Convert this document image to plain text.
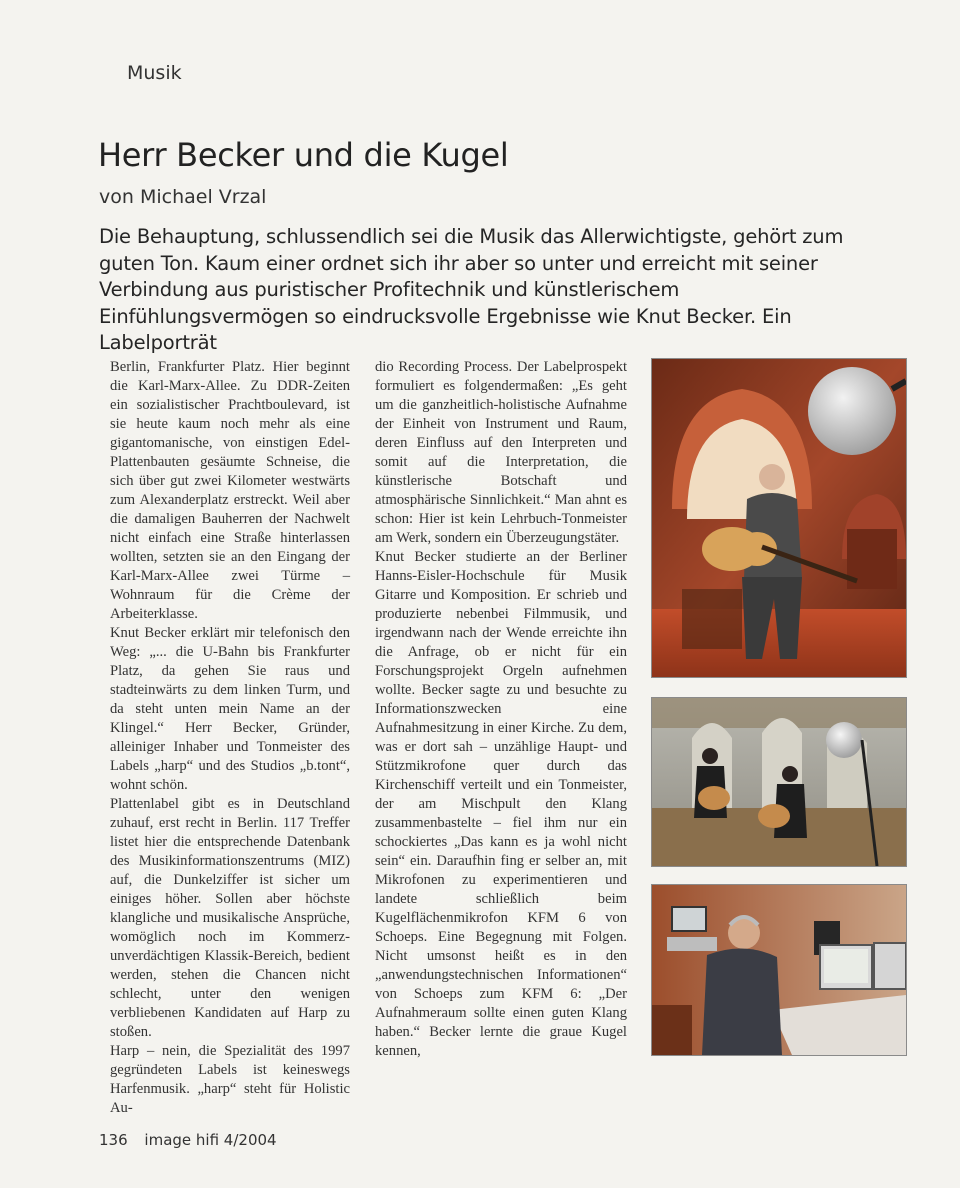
Musik
Herr Becker und die Kugel
von Michael Vrzal

Die Behauptung, schlussendlich sei die Musik das Allerwichtigste, gehört zum guten Ton. Kaum einer ordnet sich ihr aber so unter und erreicht mit seiner Verbindung aus puristischer Profitechnik und künstlerischem Einfühlungsvermögen so eindrucksvolle Ergebnisse wie Knut Becker. Ein Labelporträt

Berlin, Frankfurter Platz. Hier beginnt die Karl-Marx-Allee. Zu DDR-Zeiten ein sozialistischer Prachtboulevard, ist sie heute kaum noch mehr als eine gigantomanische, von einstigen Edel-Plattenbauten gesäumte Schneise, die sich über gut zwei Kilometer westwärts zum Alexanderplatz erstreckt. Weil aber die damaligen Bauherren der Nachwelt nicht einfach eine Straße hinterlassen wollten, setzten sie an den Eingang der Karl-Marx-Allee zwei Türme – Wohnraum für die Crème der Arbeiterklasse.

Knut Becker erklärt mir telefonisch den Weg: „... die U-Bahn bis Frankfurter Platz, da gehen Sie raus und stadteinwärts zu dem linken Turm, und da steht unten mein Name an der Klingel.“ Herr Becker, Gründer, alleiniger Inhaber und Tonmeister des Labels „harp“ und des Studios „b.tont“, wohnt schön.

Plattenlabel gibt es in Deutschland zuhauf, erst recht in Berlin. 117 Treffer listet hier die entsprechende Datenbank des Musikinformationszentrums (MIZ) auf, die Dunkelziffer ist sicher um einiges höher. Sollen aber höchste klangliche und musikalische Ansprüche, womöglich noch im Kommerz-unverdächtigen Klassik-Bereich, bedient werden, stehen die Chancen nicht schlecht, unter den wenigen verbliebenen Kandidaten auf Harp zu stoßen.

Harp – nein, die Spezialität des 1997 gegründeten Labels ist keineswegs Harfenmusik. „harp“ steht für Holistic Au-

dio Recording Process. Der Labelprospekt formuliert es folgendermaßen: „Es geht um die ganzheitlich-holistische Aufnahme der Einheit von Instrument und Raum, deren Einfluss auf den Interpreten und somit auf die Interpretation, die künstlerische Botschaft und atmosphärische Sinnlichkeit.“ Man ahnt es schon: Hier ist kein Lehrbuch-Tonmeister am Werk, sondern ein Überzeugungstäter.

Knut Becker studierte an der Berliner Hanns-Eisler-Hochschule für Musik Gitarre und Komposition. Er schrieb und produzierte nebenbei Filmmusik, und irgendwann nach der Wende erreichte ihn die Anfrage, ob er nicht für ein Forschungsprojekt Orgeln aufnehmen wollte. Becker sagte zu und besuchte zu Informationszwecken eine Aufnahmesitzung in einer Kirche. Zu dem, was er dort sah – unzählige Haupt- und Stützmikrofone quer durch das Kirchenschiff verteilt und ein Tonmeister, der am Mischpult den Klang zusammenbastelte – fiel ihm nur ein schockiertes „Das kann es ja wohl nicht sein“ ein. Daraufhin fing er selber an, mit Mikrofonen zu experimentieren und landete schließlich beim Kugelflächenmikrofon KFM 6 von Schoeps. Eine Begegnung mit Folgen. Nicht umsonst heißt es in den „anwendungstechnischen Informationen“ von Schoeps zum KFM 6: „Der Aufnahmeraum sollte einen guten Klang haben.“ Becker lernte die graue Kugel kennen,

136 image hifi 4/2004
